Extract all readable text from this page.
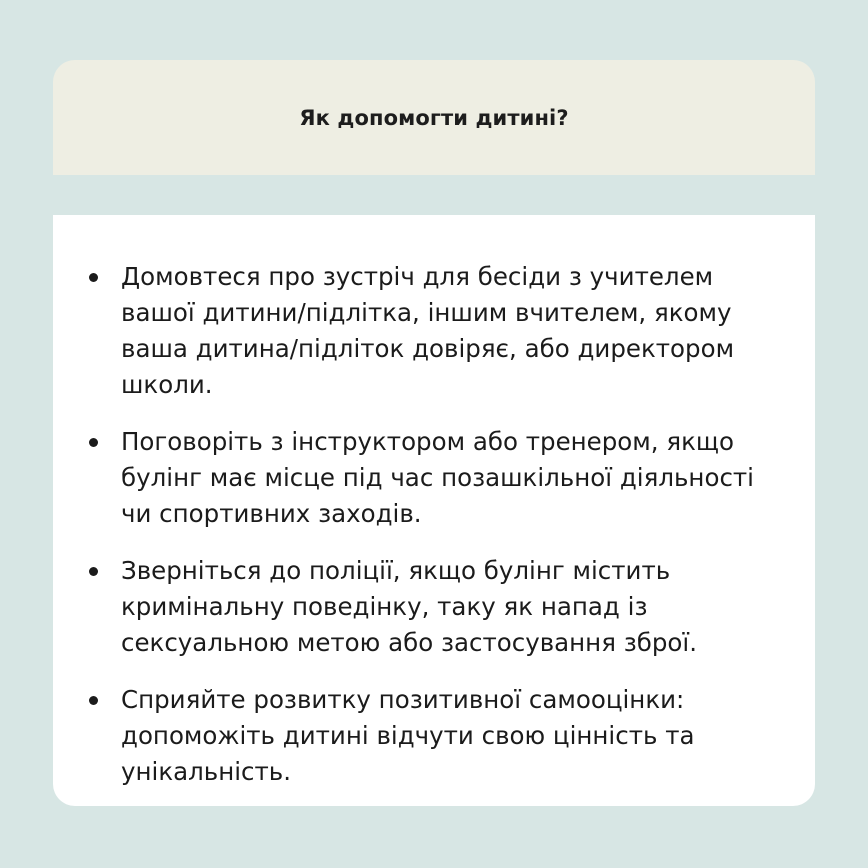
Як допомогти дитині?
Домовтеся про зустріч для бесіди з учителем вашої дитини/підлітка, іншим вчителем, якому ваша дитина/підліток довіряє, або директором школи.
Поговоріть з інструктором або тренером, якщо булінг має місце під час позашкільної діяльності чи спортивних заходів.
Зверніться до поліції, якщо булінг містить кримінальну поведінку, таку як напад із сексуальною метою або застосування зброї.
Сприяйте розвитку позитивної самооцінки: допоможіть дитині відчути свою цінність та унікальність.
